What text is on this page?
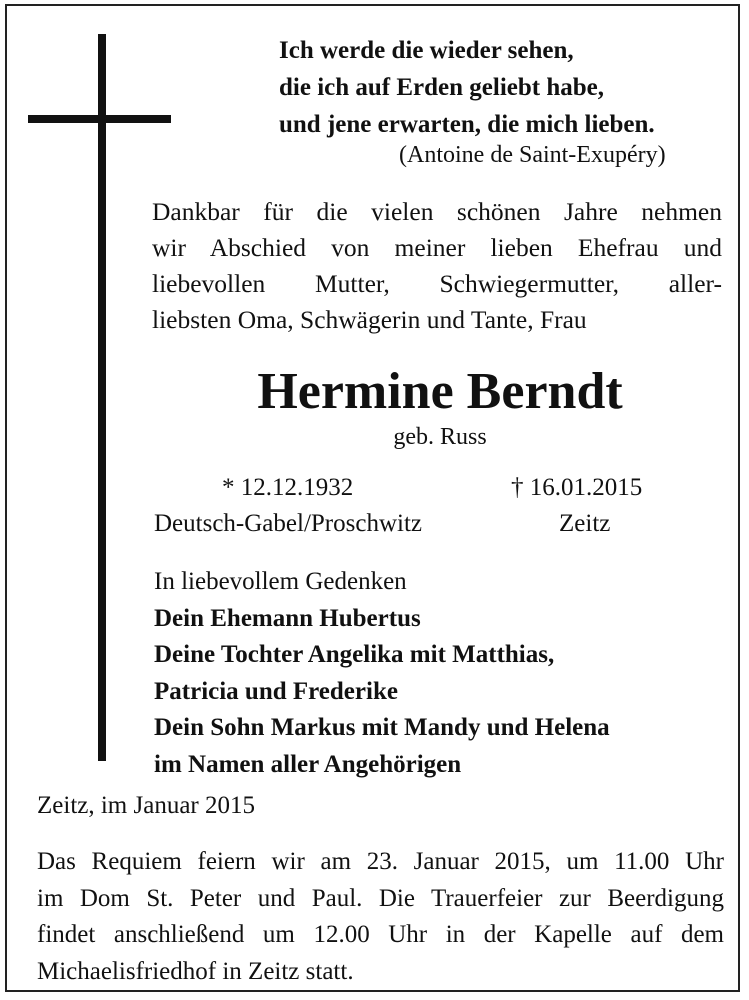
Ich werde die wieder sehen,
die ich auf Erden geliebt habe,
und jene erwarten, die mich lieben.
(Antoine de Saint-Exupéry)
Dankbar für die vielen schönen Jahre nehmen
wir Abschied von meiner lieben Ehefrau und
liebevollen Mutter, Schwiegermutter, aller-
liebsten Oma, Schwägerin und Tante, Frau
Hermine Berndt
geb. Russ
* 12.12.1932	† 16.01.2015
Deutsch-Gabel/Proschwitz	Zeitz
In liebevollem Gedenken
Dein Ehemann Hubertus
Deine Tochter Angelika mit Matthias,
Patricia und Frederike
Dein Sohn Markus mit Mandy und Helena
im Namen aller Angehörigen
Zeitz, im Januar 2015
Das Requiem feiern wir am 23. Januar 2015, um 11.00 Uhr
im Dom St. Peter und Paul. Die Trauerfeier zur Beerdigung
findet anschließend um 12.00 Uhr in der Kapelle auf dem
Michaelisfriedhof in Zeitz statt.
